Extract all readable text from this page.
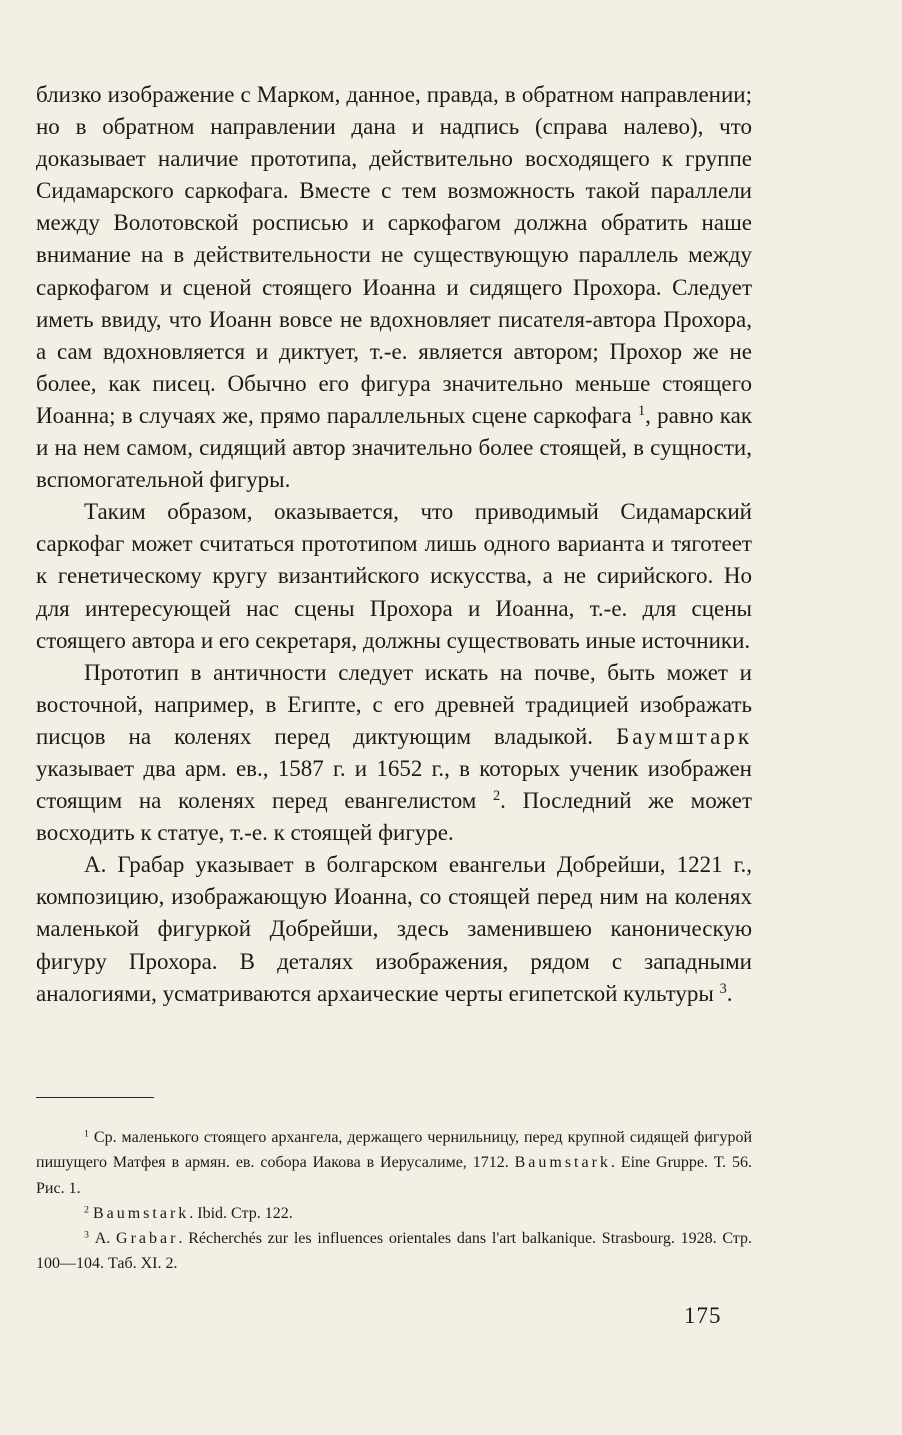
близко изображение с Марком, данное, правда, в обратном направлении; но в обратном направлении дана и надпись (справа налево), что доказывает наличие прототипа, действительно восходящего к группе Сидамарского саркофага. Вместе с тем возможность такой параллели между Волотовской росписью и саркофагом должна обратить наше внимание на в действительности не существующую параллель между саркофагом и сценой стоящего Иоанна и сидящего Прохора. Следует иметь ввиду, что Иоанн вовсе не вдохновляет писателя-автора Прохора, а сам вдохновляется и диктует, т.-е. является автором; Прохор же не более, как писец. Обычно его фигура значительно меньше стоящего Иоанна; в случаях же, прямо параллельных сцене саркофага $^1$, равно как и на нем самом, сидящий автор значительно более стоящей, в сущности, вспомогательной фигуры.

Таким образом, оказывается, что приводимый Сидамарский саркофаг может считаться прототипом лишь одного варианта и тяготеет к генетическому кругу византийского искусства, а не сирийского. Но для интересующей нас сцены Прохора и Иоанна, т.-е. для сцены стоящего автора и его секретаря, должны существовать иные источники.

Прототип в античности следует искать на почве, быть может и восточной, например, в Египте, с его древней традицией изображать писцов на коленях перед диктующим владыкой. Баумштарк указывает два арм. ев., 1587 г. и 1652 г., в которых ученик изображен стоящим на коленях перед евангелистом $^2$. Последний же может восходить к статуе, т.-е. к стоящей фигуре.

А. Грабар указывает в болгарском евангельи Добрейши, 1221 г., композицию, изображающую Иоанна, со стоящей перед ним на коленях маленькой фигуркой Добрейши, здесь заменившею каноническую фигуру Прохора. В деталях изображения, рядом с западными аналогиями, усматриваются архаические черты египетской культуры $^3$.

$^1$ Ср. маленького стоящего архангела, держащего чернильницу, перед крупной сидящей фигурой пишущего Матфея в армян. ев. собора Иакова в Иерусалиме, 1712. Baumstark. Eine Gruppe. Т. 56. Рис. 1.

$^2$ Baumstark. Ibid. Стр. 122.

$^3$ А. Grabar. Récherchés zur les influences orientales dans l'art balkanique. Strasbourg. 1928. Стр. 100—104. Таб. XI. 2.

175
